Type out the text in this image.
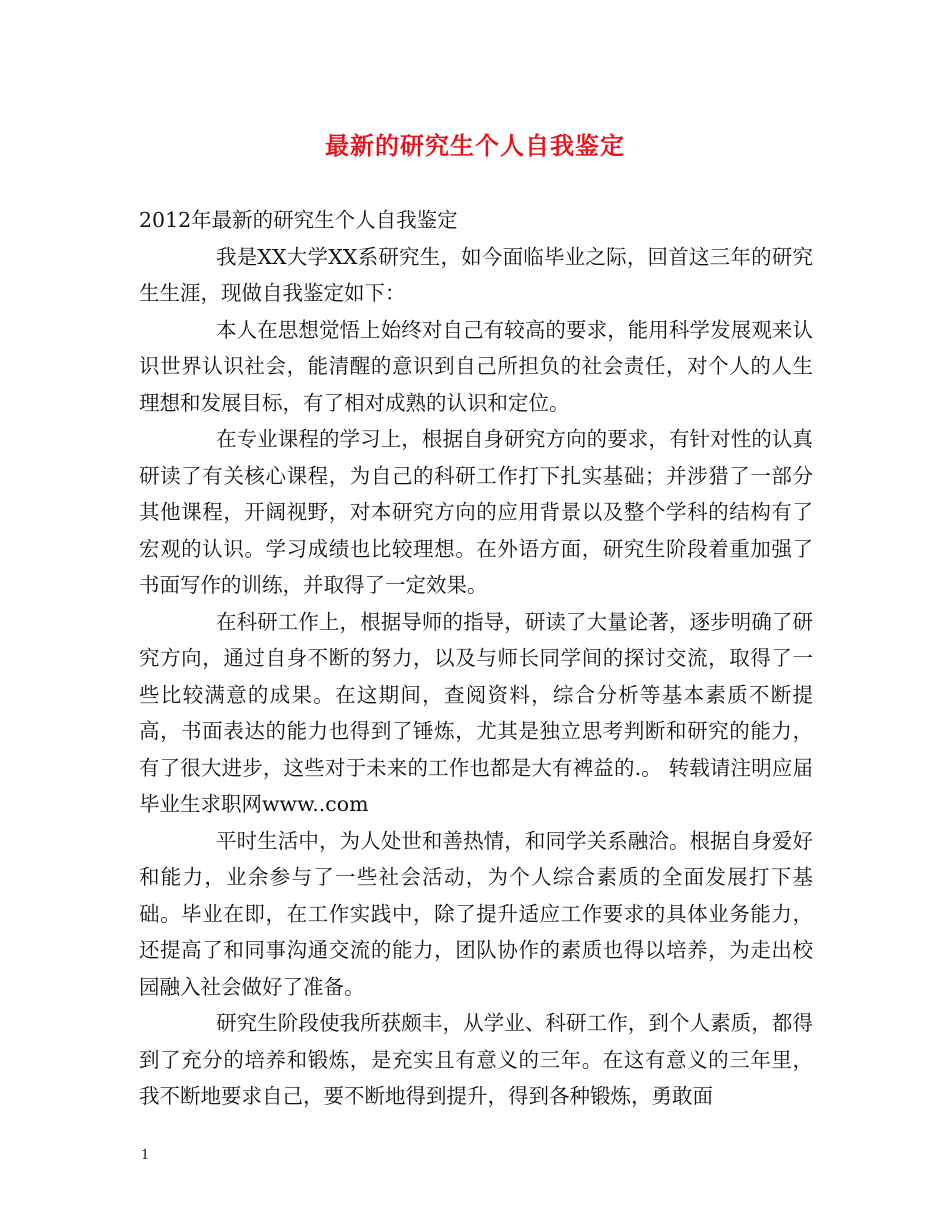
最新的研究生个人自我鉴定

2012年最新的研究生个人自我鉴定

我是XX大学XX系研究生，如今面临毕业之际，回首这三年的研究生生涯，现做自我鉴定如下：

本人在思想觉悟上始终对自己有较高的要求，能用科学发展观来认识世界认识社会，能清醒的意识到自己所担负的社会责任，对个人的人生理想和发展目标，有了相对成熟的认识和定位。

在专业课程的学习上，根据自身研究方向的要求，有针对性的认真研读了有关核心课程，为自己的科研工作打下扎实基础；并涉猎了一部分其他课程，开阔视野，对本研究方向的应用背景以及整个学科的结构有了宏观的认识。学习成绩也比较理想。在外语方面，研究生阶段着重加强了书面写作的训练，并取得了一定效果。

在科研工作上，根据导师的指导，研读了大量论著，逐步明确了研究方向，通过自身不断的努力，以及与师长同学间的探讨交流，取得了一些比较满意的成果。在这期间，查阅资料，综合分析等基本素质不断提高，书面表达的能力也得到了锤炼，尤其是独立思考判断和研究的能力，有了很大进步，这些对于未来的工作也都是大有裨益的.。 转载请注明应届毕业生求职网www..com

平时生活中，为人处世和善热情，和同学关系融洽。根据自身爱好和能力，业余参与了一些社会活动，为个人综合素质的全面发展打下基础。毕业在即，在工作实践中，除了提升适应工作要求的具体业务能力，还提高了和同事沟通交流的能力，团队协作的素质也得以培养，为走出校园融入社会做好了准备。

研究生阶段使我所获颇丰，从学业、科研工作，到个人素质，都得到了充分的培养和锻炼，是充实且有意义的三年。在这有意义的三年里，我不断地要求自己，要不断地得到提升，得到各种锻炼，勇敢面

1
